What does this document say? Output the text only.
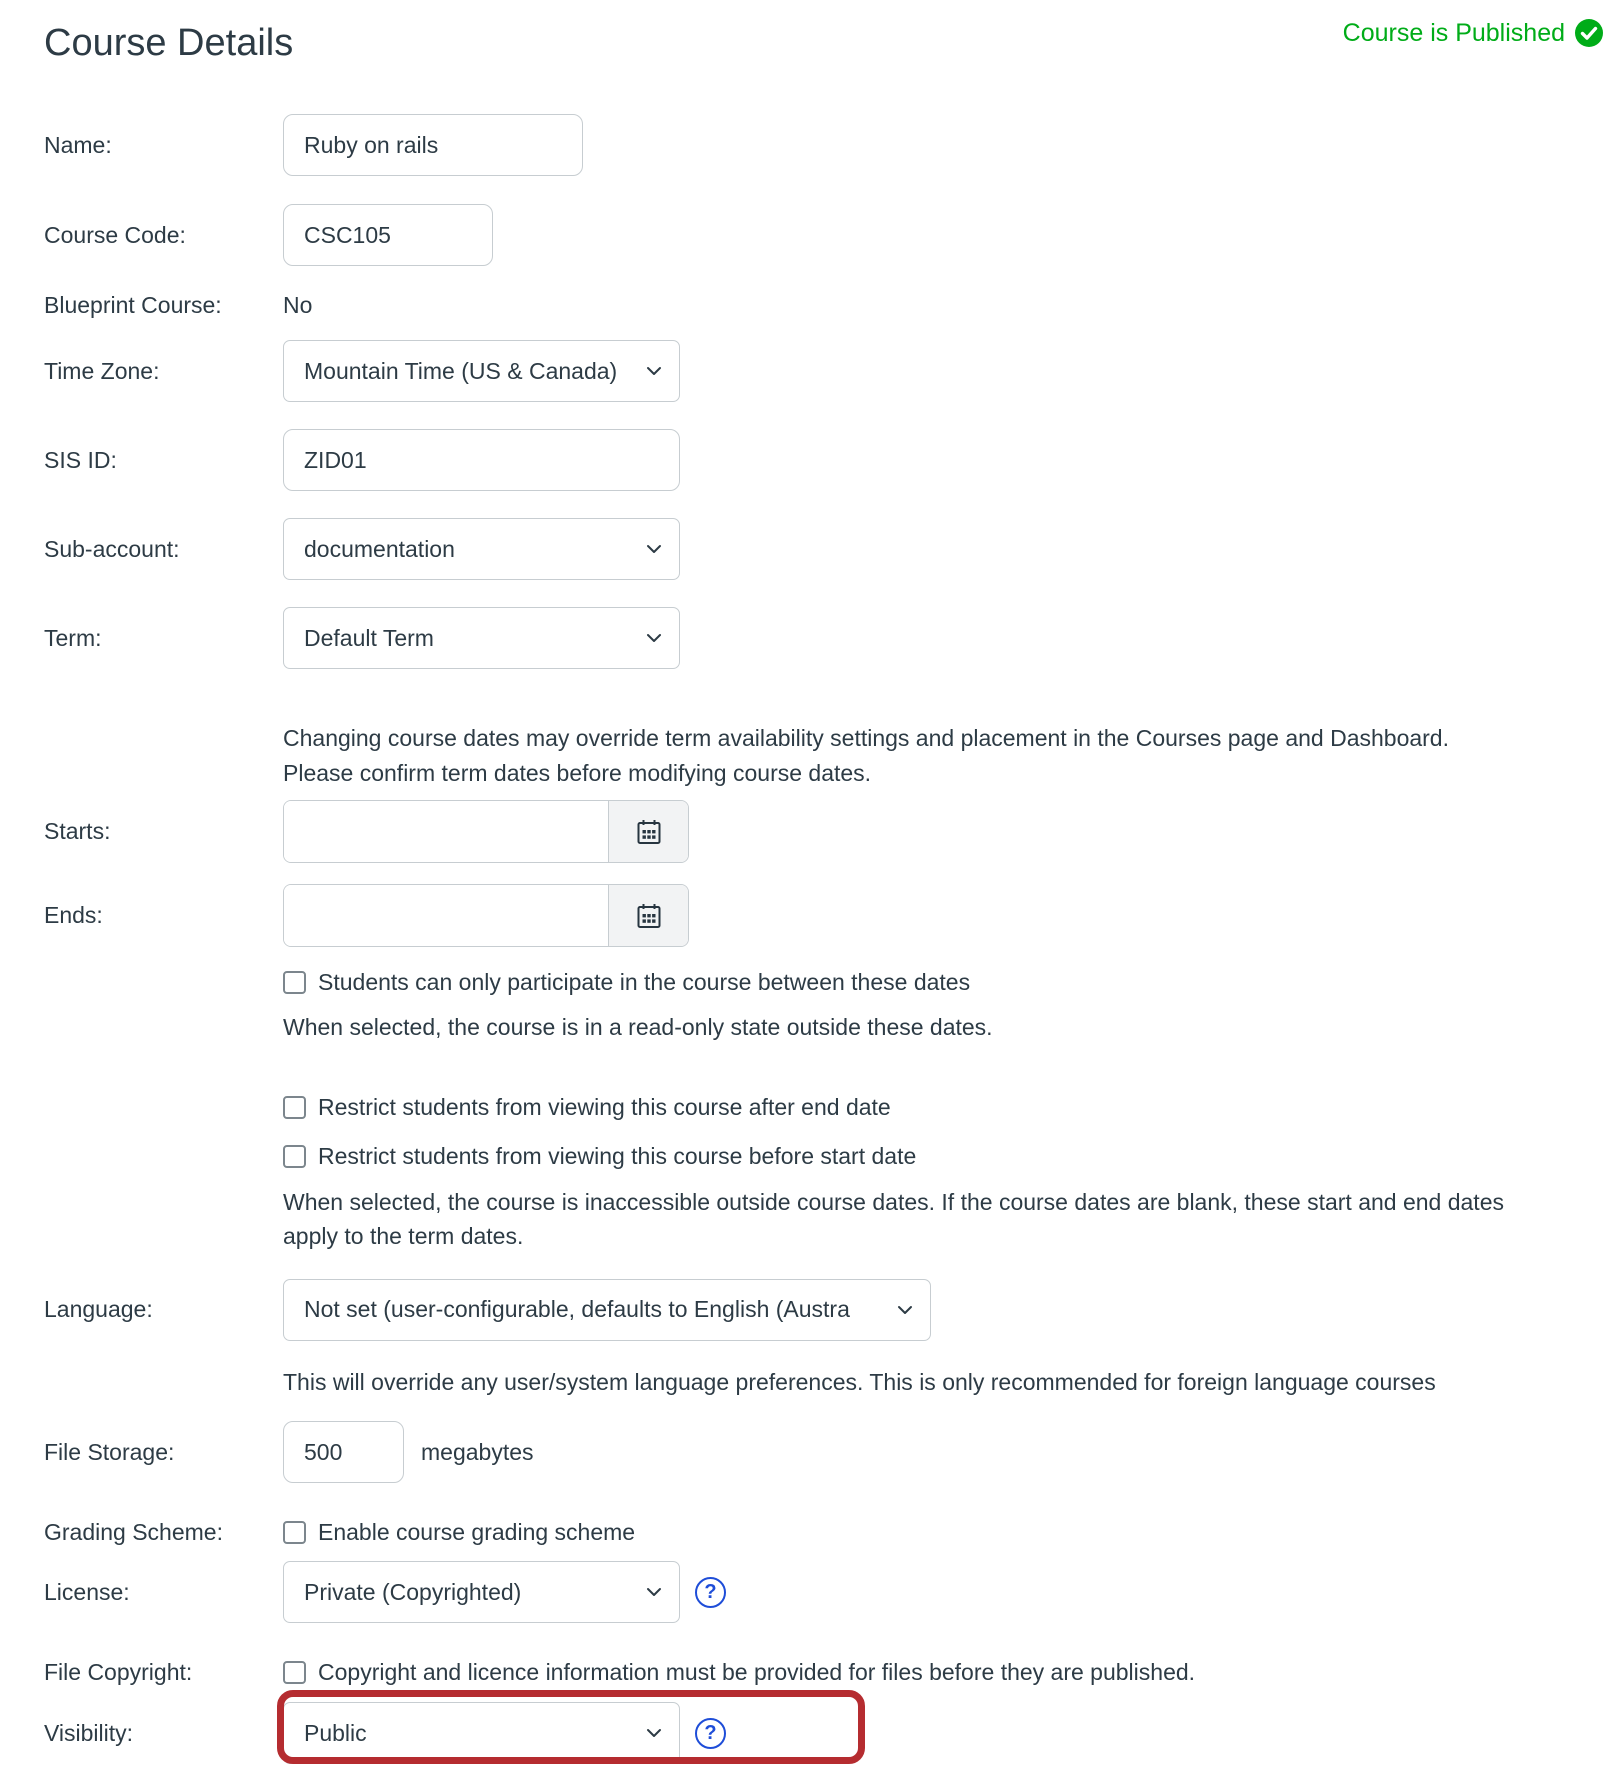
Course is Published
Course Details
Name:
Ruby on rails
Course Code:
CSC105
Blueprint Course:	No
Time Zone:	Mountain Time (US & Canada)
SIS ID:
ZID01
Sub-account:	documentation
Term:	Default Term
Changing course dates may override term availability settings and placement in the Courses page and Dashboard. Please confirm term dates before modifying course dates.
Starts:
Ends:
Students can only participate in the course between these dates
When selected, the course is in a read-only state outside these dates.
Restrict students from viewing this course after end date
Restrict students from viewing this course before start date
When selected, the course is inaccessible outside course dates. If the course dates are blank, these start and end dates apply to the term dates.
Language:	Not set (user-configurable, defaults to English (Austra
This will override any user/system language preferences. This is only recommended for foreign language courses
File Storage:
500	megabytes
Grading Scheme:	Enable course grading scheme
License:	Private (Copyrighted)	?
File Copyright:	Copyright and licence information must be provided for files before they are published.
Visibility:	Public	?
